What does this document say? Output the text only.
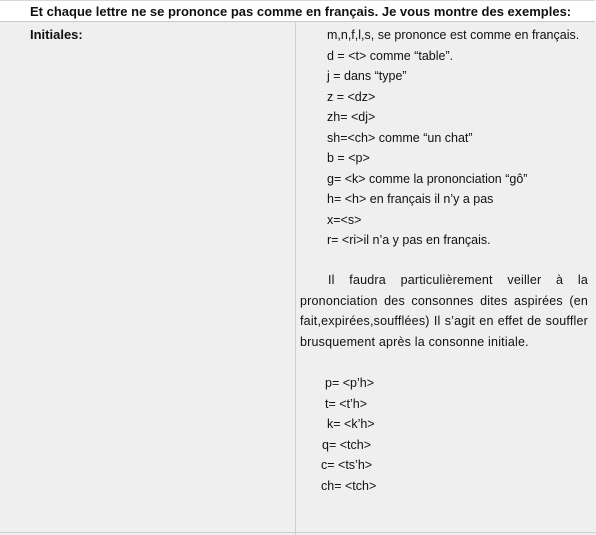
Et chaque lettre ne se prononce pas comme en français. Je vous montre des exemples:
Initiales:	m,n,f,l,s, se prononce est comme en français.
d = <t> comme “table”.
j = dans “type”
z = <dz>
zh= <dj>
sh=<ch> comme “un chat”
b = <p>
g= <k> comme la prononciation “gô”
h= <h> en français il n’y a pas
x=<s>
r= <ri>il n’a y pas en français.
Il faudra particulièrement veiller à la prononciation des consonnes dites aspirées (en fait,expirées,soufflées) Il s’agit en effet de souffler brusquement après la consonne initiale.
p= <p’h>
t= <t’h>
k= <k’h>
q= <tch>
c= <ts’h>
ch= <tch>
